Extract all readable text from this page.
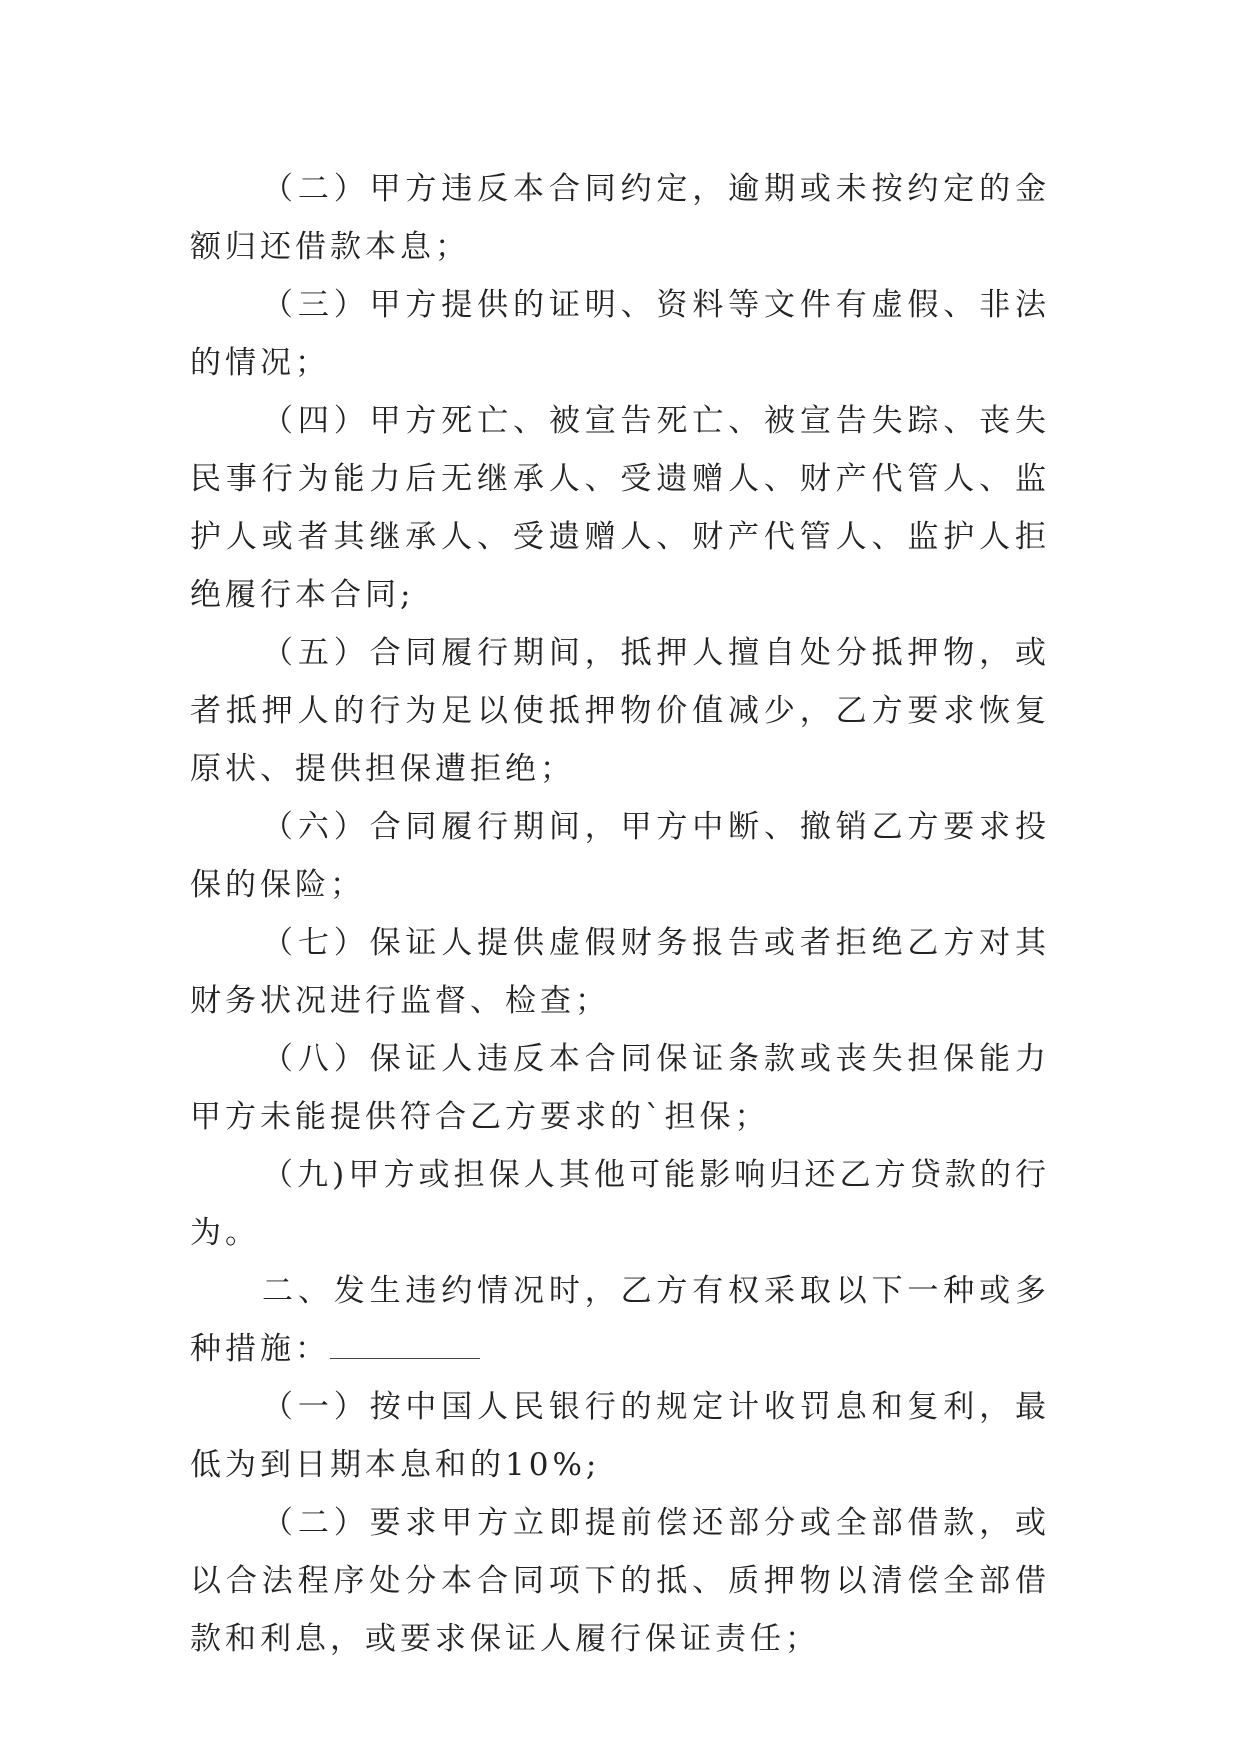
（二）甲方违反本合同约定，逾期或未按约定的金额归还借款本息；

（三）甲方提供的证明、资料等文件有虚假、非法的情况；

（四）甲方死亡、被宣告死亡、被宣告失踪、丧失民事行为能力后无继承人、受遗赠人、财产代管人、监护人或者其继承人、受遗赠人、财产代管人、监护人拒绝履行本合同;

（五）合同履行期间，抵押人擅自处分抵押物，或者抵押人的行为足以使抵押物价值减少，乙方要求恢复原状、提供担保遭拒绝；

（六）合同履行期间，甲方中断、撤销乙方要求投保的保险；

（七）保证人提供虚假财务报告或者拒绝乙方对其财务状况进行监督、检查；

（八）保证人违反本合同保证条款或丧失担保能力甲方未能提供符合乙方要求的`担保；

（九)甲方或担保人其他可能影响归还乙方贷款的行为。

二、发生违约情况时，乙方有权采取以下一种或多种措施：

（一）按中国人民银行的规定计收罚息和复利，最低为到日期本息和的10%;

（二）要求甲方立即提前偿还部分或全部借款，或以合法程序处分本合同项下的抵、质押物以清偿全部借款和利息，或要求保证人履行保证责任；
